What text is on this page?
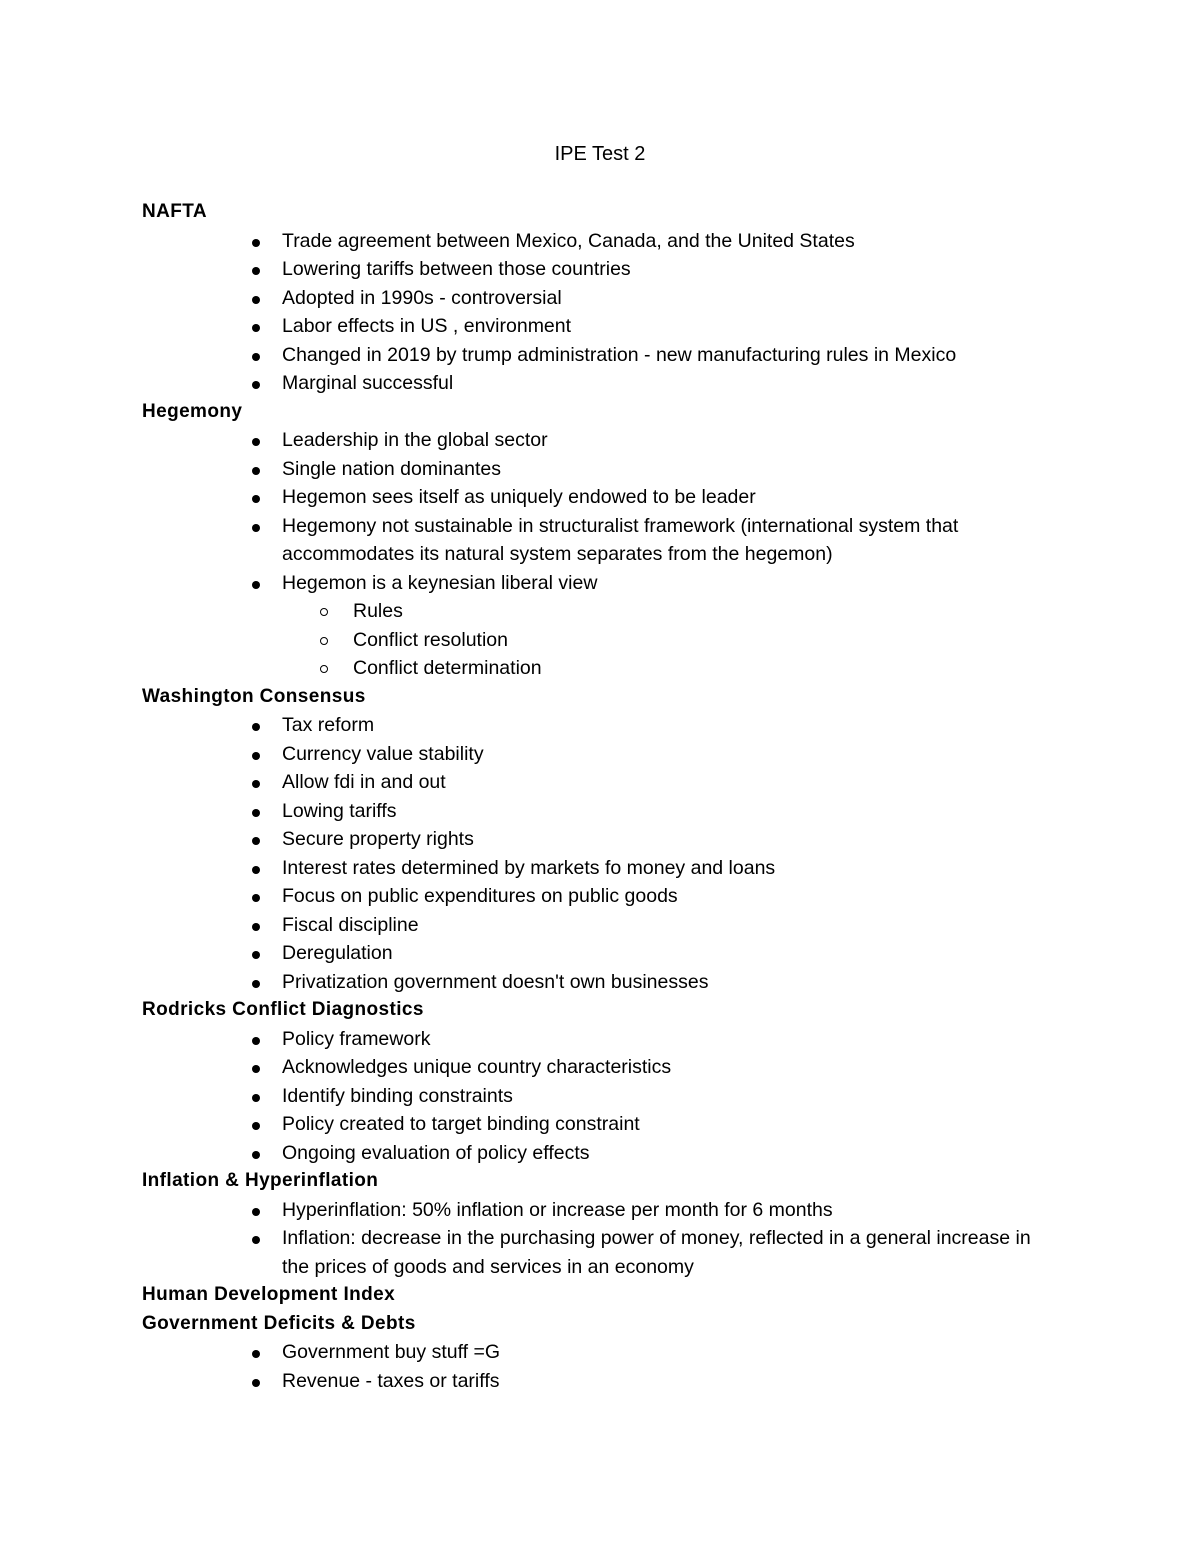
IPE Test 2
NAFTA
Trade agreement between Mexico, Canada, and the United States
Lowering tariffs between those countries
Adopted in 1990s - controversial
Labor effects in US , environment
Changed in 2019 by trump administration - new manufacturing rules in Mexico
Marginal successful
Hegemony
Leadership in the global sector
Single nation dominantes
Hegemon sees itself as uniquely endowed to be leader
Hegemony not sustainable in structuralist framework (international system that accommodates its natural system separates from the hegemon)
Hegemon is a keynesian liberal view
Rules
Conflict resolution
Conflict determination
Washington Consensus
Tax reform
Currency value stability
Allow fdi in and out
Lowing tariffs
Secure property rights
Interest rates determined by markets fo money and loans
Focus on public expenditures on public goods
Fiscal discipline
Deregulation
Privatization government doesn't own businesses
Rodricks Conflict Diagnostics
Policy framework
Acknowledges unique country characteristics
Identify binding constraints
Policy created to target binding constraint
Ongoing evaluation of policy effects
Inflation & Hyperinflation
Hyperinflation: 50% inflation or increase per month for 6 months
Inflation: decrease in the purchasing power of money, reflected in a general increase in the prices of goods and services in an economy
Human Development Index
Government Deficits & Debts
Government buy stuff =G
Revenue - taxes or tariffs
